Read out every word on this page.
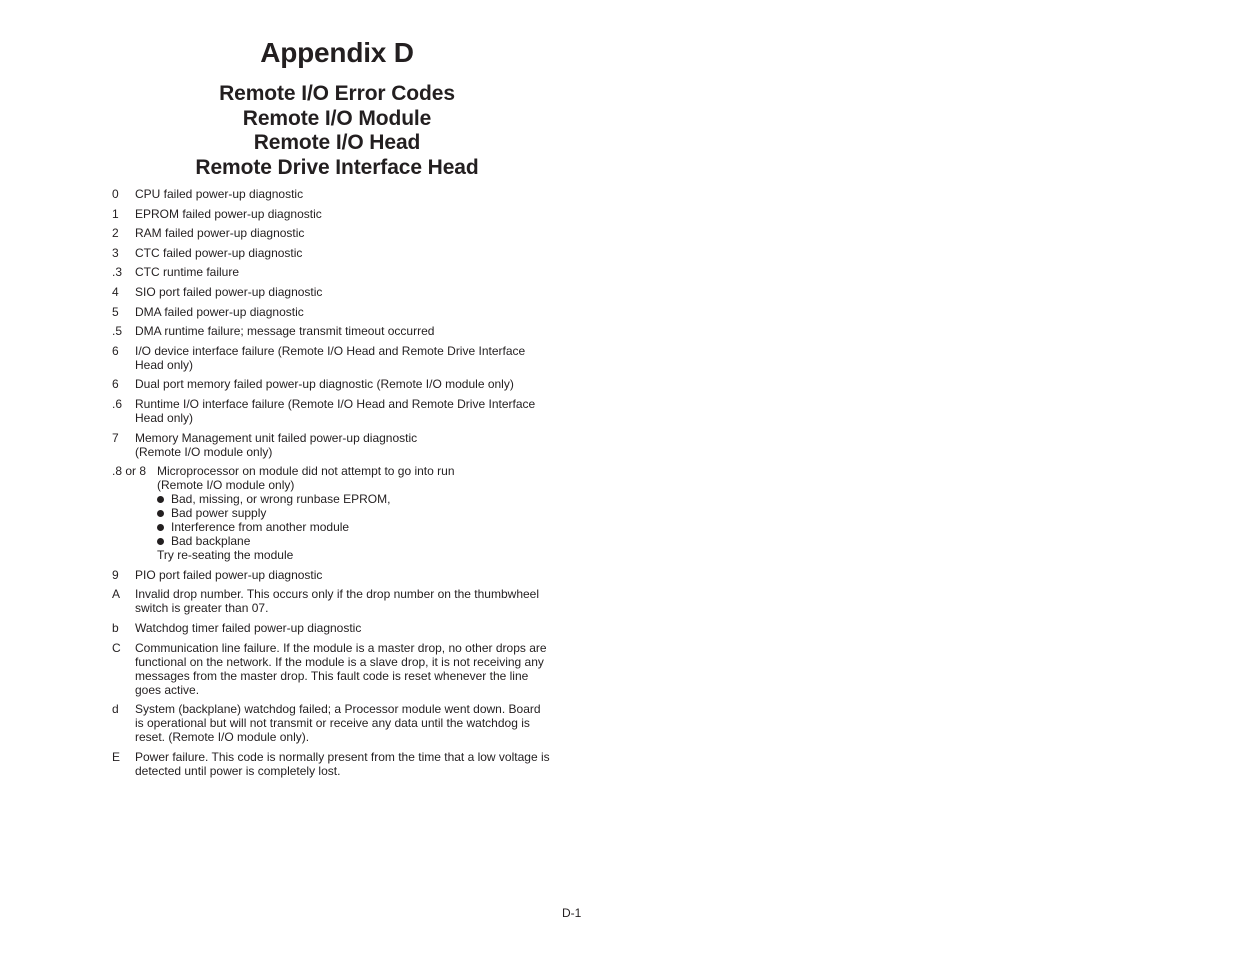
Appendix D
Remote I/O Error Codes
Remote I/O Module
Remote I/O Head
Remote Drive Interface Head
0 CPU failed power-up diagnostic
1 EPROM failed power-up diagnostic
2 RAM failed power-up diagnostic
3 CTC failed power-up diagnostic
.3 CTC runtime failure
4 SIO port failed power-up diagnostic
5 DMA failed power-up diagnostic
.5 DMA runtime failure; message transmit timeout occurred
6 I/O device interface failure (Remote I/O Head and Remote Drive Interface
Head only)
6 Dual port memory failed power-up diagnostic (Remote I/O module only)
.6 Runtime I/O interface failure (Remote I/O Head and Remote Drive Interface
Head only)
7 Memory Management unit failed power-up diagnostic
(Remote I/O module only)
.8 or 8 Microprocessor on module did not attempt to go into run
(Remote I/O module only)
Bad, missing, or wrong runbase EPROM,
Bad power supply
Interference from another module
Bad backplane
Try re-seating the module
9 PIO port failed power-up diagnostic
A Invalid drop number. This occurs only if the drop number on the thumbwheel
switch is greater than 07.
b Watchdog timer failed power-up diagnostic
C Communication line failure. If the module is a master drop, no other drops are
functional on the network. If the module is a slave drop, it is not receiving any
messages from the master drop. This fault code is reset whenever the line
goes active.
d System (backplane) watchdog failed; a Processor module went down. Board
is operational but will not transmit or receive any data until the watchdog is
reset. (Remote I/O module only).
E Power failure. This code is normally present from the time that a low voltage is
detected until power is completely lost.
D-1
